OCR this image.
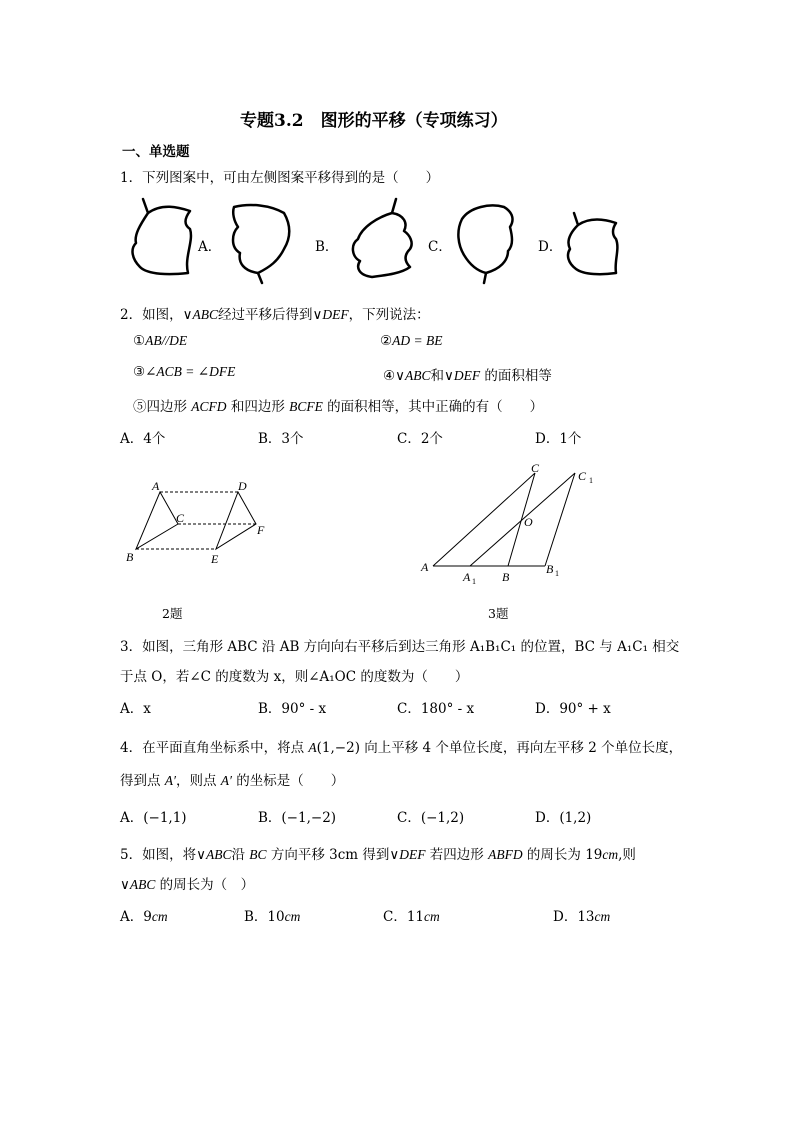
专题3.2　图形的平移（专项练习）
一、单选题
1．下列图案中，可由左侧图案平移得到的是（　　）
A．	B．	C．	D．
2．如图，∨ABC经过平移后得到∨DEF，下列说法：
①AB//DE	②AD = BE
③∠ACB = ∠DFE	④∨ABC和∨DEF 的面积相等
⑤四边形 ACFD 和四边形 BCFE 的面积相等，其中正确的有（　　）
A．4个	B．3个	C．2个	D．1个
A	D
C
F
B	E
C
C 1
O
A
A 1 B
B 1
2题	3题
3．如图，三角形 ABC 沿 AB 方向向右平移后到达三角形 A₁B₁C₁ 的位置，BC 与 A₁C₁ 相交
于点 O，若∠C 的度数为 x，则∠A₁OC 的度数为（　　）
A．x	B．90° - x	C．180° - x	D．90° + x
4．在平面直角坐标系中，将点 A(1,−2) 向上平移 4 个单位长度，再向左平移 2 个单位长度，
得到点 A′，则点 A′ 的坐标是（　　）
A．(−1,1)	B．(−1,−2)	C．(−1,2)	D．(1,2)
5．如图，将∨ABC沿 BC 方向平移 3cm 得到∨DEF 若四边形 ABFD 的周长为 19cm,则
∨ABC 的周长为（　）
A．9cm	B．10cm	C．11cm	D．13cm
